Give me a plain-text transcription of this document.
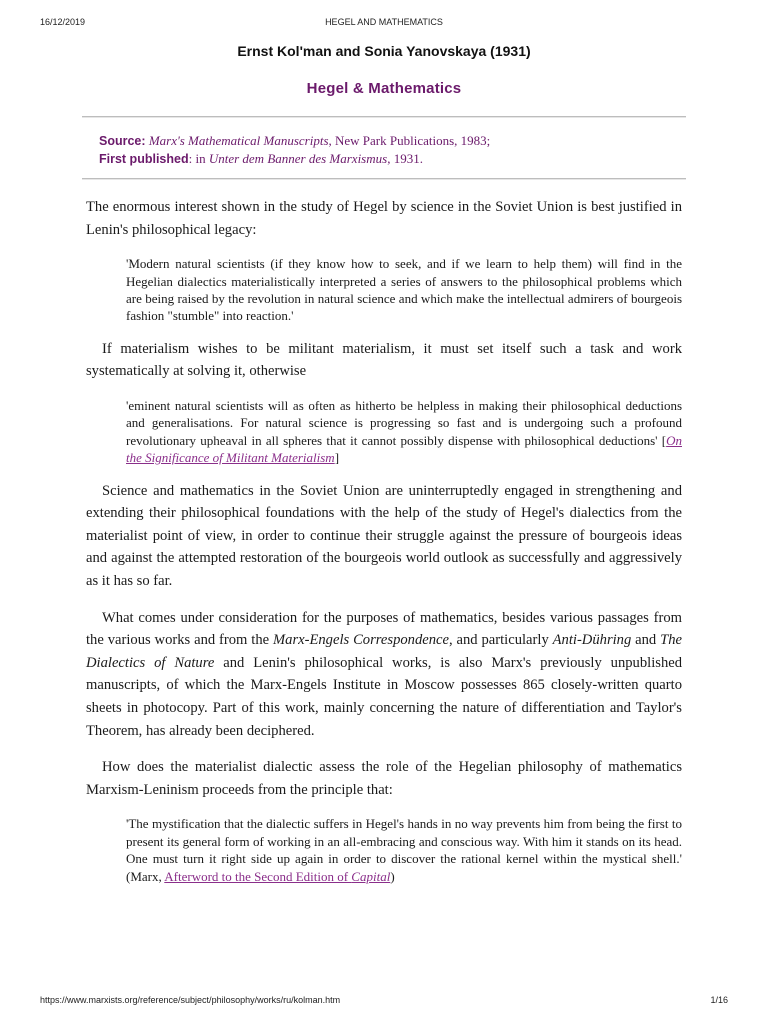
16/12/2019	HEGEL AND MATHEMATICS
Ernst Kol'man and Sonia Yanovskaya (1931)
Hegel & Mathematics
Source: Marx's Mathematical Manuscripts, New Park Publications, 1983;
First published: in Unter dem Banner des Marxismus, 1931.

The enormous interest shown in the study of Hegel by science in the Soviet Union is best justified in Lenin's philosophical legacy:

'Modern natural scientists (if they know how to seek, and if we learn to help them) will find in the Hegelian dialectics materialistically interpreted a series of answers to the philosophical problems which are being raised by the revolution in natural science and which make the intellectual admirers of bourgeois fashion "stumble" into reaction.'

If materialism wishes to be militant materialism, it must set itself such a task and work systematically at solving it, otherwise

'eminent natural scientists will as often as hitherto be helpless in making their philosophical deductions and generalisations. For natural science is progressing so fast and is undergoing such a profound revolutionary upheaval in all spheres that it cannot possibly dispense with philosophical deductions' [On the Significance of Militant Materialism]

Science and mathematics in the Soviet Union are uninterruptedly engaged in strengthening and extending their philosophical foundations with the help of the study of Hegel's dialectics from the materialist point of view, in order to continue their struggle against the pressure of bourgeois ideas and against the attempted restoration of the bourgeois world outlook as successfully and aggressively as it has so far.

What comes under consideration for the purposes of mathematics, besides various passages from the various works and from the Marx-Engels Correspondence, and particularly Anti-Dühring and The Dialectics of Nature and Lenin's philosophical works, is also Marx's previously unpublished manuscripts, of which the Marx-Engels Institute in Moscow possesses 865 closely-written quarto sheets in photocopy. Part of this work, mainly concerning the nature of differentiation and Taylor's Theorem, has already been deciphered.

How does the materialist dialectic assess the role of the Hegelian philosophy of mathematics Marxism-Leninism proceeds from the principle that:

'The mystification that the dialectic suffers in Hegel's hands in no way prevents him from being the first to present its general form of working in an all-embracing and conscious way. With him it stands on its head. One must turn it right side up again in order to discover the rational kernel within the mystical shell.' (Marx, Afterword to the Second Edition of Capital)

https://www.marxists.org/reference/subject/philosophy/works/ru/kolman.htm	1/16
